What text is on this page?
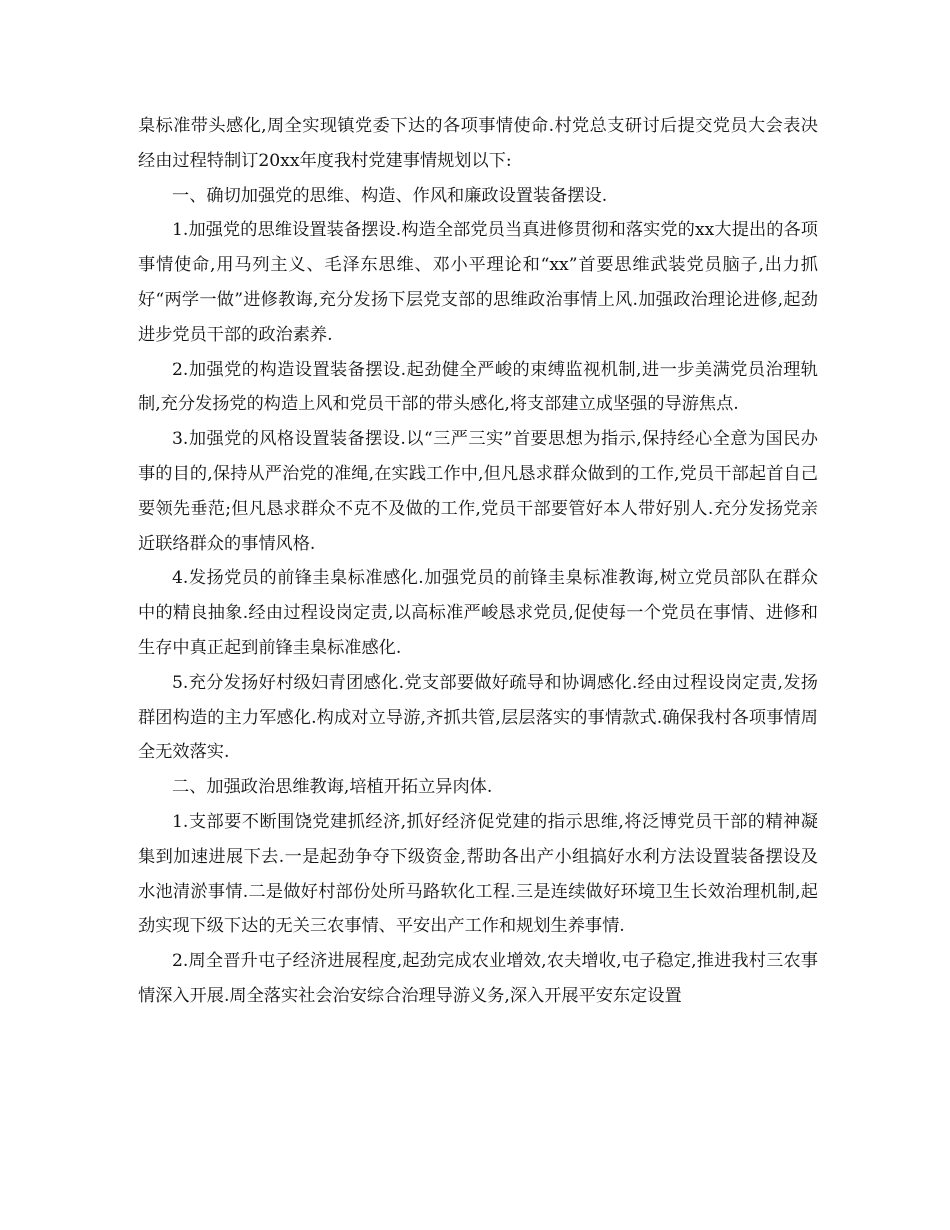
臬标准带头感化,周全实现镇党委下达的各项事情使命.村党总支研讨后提交党员大会表决经由过程特制订20xx年度我村党建事情规划以下:

一、确切加强党的思维、构造、作风和廉政设置装备摆设.

1.加强党的思维设置装备摆设.构造全部党员当真进修贯彻和落实党的xx大提出的各项事情使命,用马列主义、毛泽东思维、邓小平理论和“xx”首要思维武装党员脑子,出力抓好“两学一做”进修教诲,充分发扬下层党支部的思维政治事情上风.加强政治理论进修,起劲进步党员干部的政治素养.

2.加强党的构造设置装备摆设.起劲健全严峻的束缚监视机制,进一步美满党员治理轨制,充分发扬党的构造上风和党员干部的带头感化,将支部建立成坚强的导游焦点.

3.加强党的风格设置装备摆设.以“三严三实”首要思想为指示,保持经心全意为国民办事的目的,保持从严治党的准绳,在实践工作中,但凡恳求群众做到的工作,党员干部起首自己要领先垂范;但凡恳求群众不克不及做的工作,党员干部要管好本人带好别人.充分发扬党亲近联络群众的事情风格.

4.发扬党员的前锋圭臬标准感化.加强党员的前锋圭臬标准教诲,树立党员部队在群众中的精良抽象.经由过程设岗定责,以高标准严峻恳求党员,促使每一个党员在事情、进修和生存中真正起到前锋圭臬标准感化.

5.充分发扬好村级妇青团感化.党支部要做好疏导和协调感化.经由过程设岗定责,发扬群团构造的主力军感化.构成对立导游,齐抓共管,层层落实的事情款式.确保我村各项事情周全无效落实.

二、加强政治思维教诲,培植开拓立异肉体.

1.支部要不断围饶党建抓经济,抓好经济促党建的指示思维,将泛博党员干部的精神凝集到加速进展下去.一是起劲争夺下级资金,帮助各出产小组搞好水利方法设置装备摆设及水池清淤事情.二是做好村部份处所马路软化工程.三是连续做好环境卫生长效治理机制,起劲实现下级下达的无关三农事情、平安出产工作和规划生养事情.

2.周全晋升屯子经济进展程度,起劲完成农业增效,农夫增收,屯子稳定,推进我村三农事情深入开展.周全落实社会治安综合治理导游义务,深入开展平安东定设置
